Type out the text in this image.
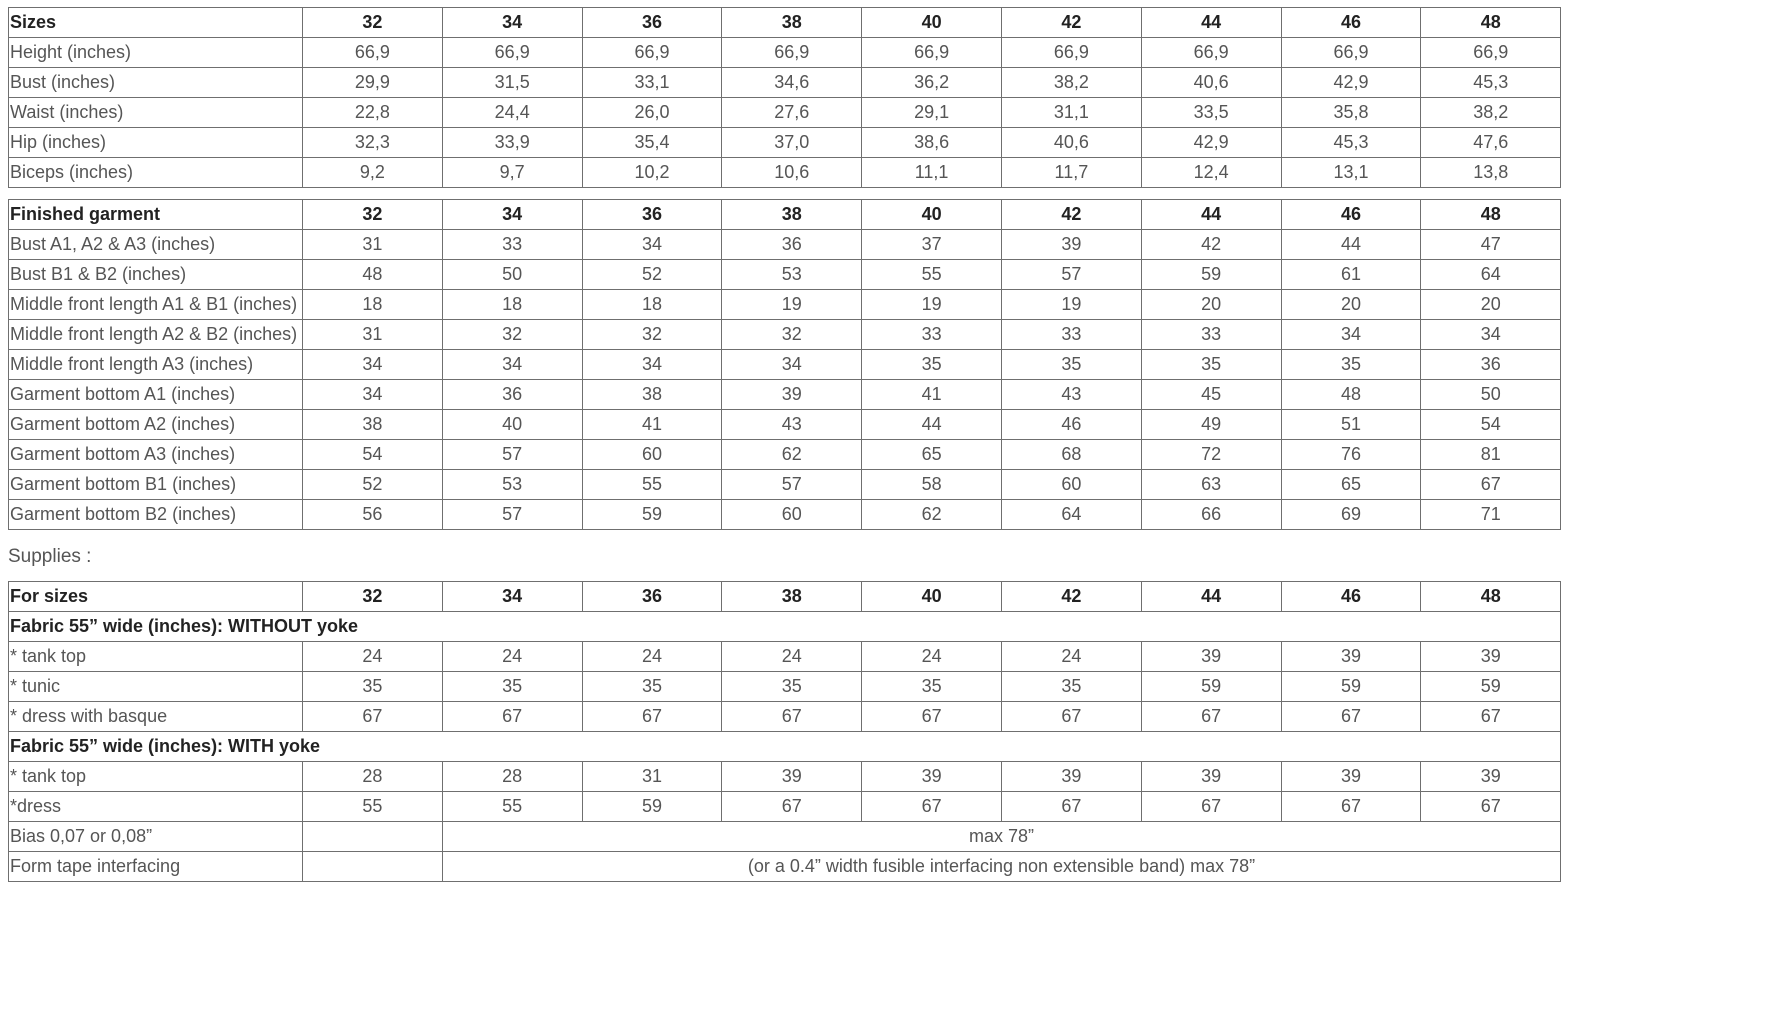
Sizes	32	34	36	38	40	42	44	46	48
Height (inches)	66,9	66,9	66,9	66,9	66,9	66,9	66,9	66,9	66,9
Bust (inches)	29,9	31,5	33,1	34,6	36,2	38,2	40,6	42,9	45,3
Waist (inches)	22,8	24,4	26,0	27,6	29,1	31,1	33,5	35,8	38,2
Hip (inches)	32,3	33,9	35,4	37,0	38,6	40,6	42,9	45,3	47,6
Biceps (inches)	9,2	9,7	10,2	10,6	11,1	11,7	12,4	13,1	13,8
Finished garment	32	34	36	38	40	42	44	46	48
Bust A1, A2 & A3 (inches)	31	33	34	36	37	39	42	44	47
Bust B1 & B2 (inches)	48	50	52	53	55	57	59	61	64
Middle front length A1 & B1 (inches)	18	18	18	19	19	19	20	20	20
Middle front length A2 & B2 (inches)	31	32	32	32	33	33	33	34	34
Middle front length A3 (inches)	34	34	34	34	35	35	35	35	36
Garment bottom A1 (inches)	34	36	38	39	41	43	45	48	50
Garment bottom A2 (inches)	38	40	41	43	44	46	49	51	54
Garment bottom A3 (inches)	54	57	60	62	65	68	72	76	81
Garment bottom B1 (inches)	52	53	55	57	58	60	63	65	67
Garment bottom B2 (inches)	56	57	59	60	62	64	66	69	71
Supplies :
For sizes	32	34	36	38	40	42	44	46	48
Fabric 55” wide (inches): WITHOUT yoke									
* tank top	24	24	24	24	24	24	39	39	39
* tunic	35	35	35	35	35	35	59	59	59
* dress with basque	67	67	67	67	67	67	67	67	67
Fabric 55” wide (inches): WITH yoke									
* tank top	28	28	31	39	39	39	39	39	39
*dress	55	55	59	67	67	67	67	67	67
Bias 0,07 or 0,08”		max 78”							
Form tape interfacing		(or a 0.4” width fusible interfacing non extensible band) max 78”							
